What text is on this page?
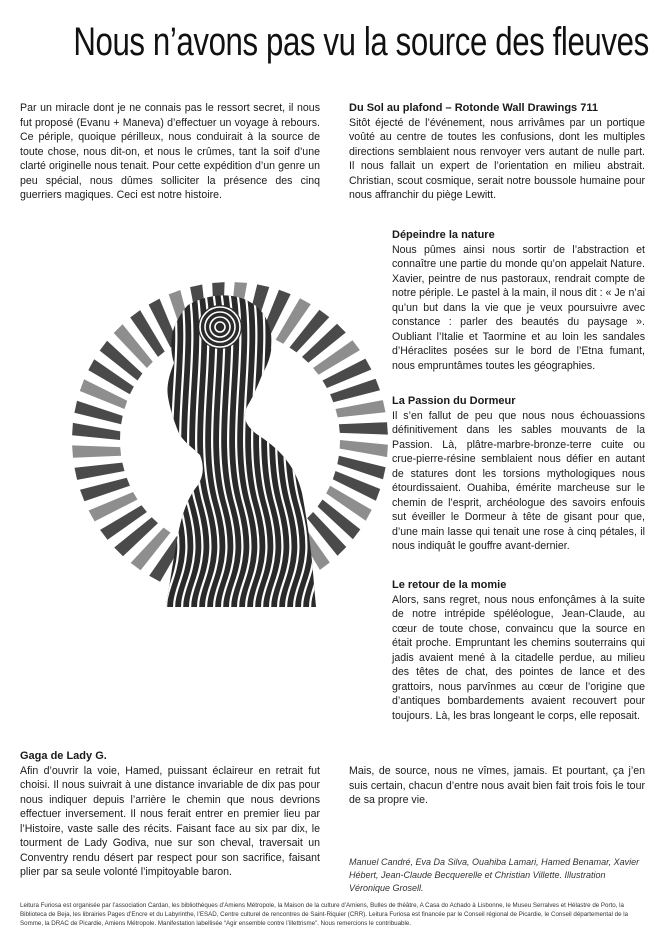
Nous n’avons pas vu la source des fleuves

Par un miracle dont je ne connais pas le ressort secret, il nous fut proposé (Evanu + Maneva) d’effectuer un voyage à rebours. Ce périple, quoique périlleux, nous conduirait à la source de toute chose, nous dit-on, et nous le crûmes, tant la soif d’une clarté originelle nous tenait. Pour cette expédition d’un genre un peu spécial, nous dûmes solliciter la présence des cinq guerriers magiques. Ceci est notre histoire.

Du Sol au plafond – Rotonde Wall Drawings 711

Sitôt éjecté de l’événement, nous arrivâmes par un portique voûté au centre de toutes les confusions, dont les multiples directions semblaient nous renvoyer vers autant de nulle part. Il nous fallait un expert de l’orientation en milieu abstrait. Christian, scout cosmique, serait notre boussole humaine pour nous affranchir du piège Lewitt.

Dépeindre la nature

Nous pûmes ainsi nous sortir de l’abstraction et connaître une partie du monde qu’on appelait Nature. Xavier, peintre de nus pastoraux, rendrait compte de notre périple. Le pastel à la main, il nous dit : « Je n’ai qu’un but dans la vie que je veux poursuivre avec constance : parler des beautés du paysage ». Oubliant l’Italie et Taormine et au loin les sandales d’Héraclites posées sur le bord de l’Etna fumant, nous empruntâmes toutes les géographies.

La Passion du Dormeur

Il s’en fallut de peu que nous nous échouassions définitivement dans les sables mouvants de la Passion. Là, plâtre-marbre-bronze-terre cuite ou crue-pierre-résine semblaient nous défier en autant de statures dont les torsions mythologiques nous étourdissaient. Ouahiba, émérite marcheuse sur le chemin de l’esprit, archéologue des savoirs enfouis sut éveiller le Dormeur à tête de gisant pour que, d’une main lasse qui tenait une rose à cinq pétales, il nous indiquât le gouffre avant-dernier.

Le retour de la momie

Alors, sans regret, nous nous enfonçâmes à la suite de notre intrépide spéléologue, Jean-Claude, au cœur de toute chose, convaincu que la source en était proche. Empruntant les chemins souterrains qui jadis avaient mené à la citadelle perdue, au milieu des têtes de chat, des pointes de lance et des grattoirs, nous parvînmes au cœur de l’origine que d’antiques bombardements avaient recouvert pour toujours. Là, les bras longeant le corps, elle reposait.

Gaga de Lady G.

Afin d’ouvrir la voie, Hamed, puissant éclaireur en retrait fut choisi. Il nous suivrait à une distance invariable de dix pas pour nous indiquer depuis l’arrière le chemin que nous devrions effectuer inversement. Il nous ferait entrer en premier lieu par l’Histoire, vaste salle des récits. Faisant face au six par dix, le tourment de Lady Godiva, nue sur son cheval, traversait un Conventry rendu désert par respect pour son sacrifice, faisant plier par sa seule volonté l’impitoyable baron.

Mais, de source, nous ne vîmes, jamais. Et pourtant, ça j’en suis certain, chacun d’entre nous avait bien fait trois fois le tour de sa propre vie.

Manuel Candré, Eva Da Silva, Ouahiba Lamari, Hamed Benamar, Xavier Hébert, Jean-Claude Becquerelle et Christian Villette. Illustration Véronique Grosell.
Leitura Furiosa est organisée par l’association Cardan, les bibliothèques d’Amiens Métropole, la Maison de la culture d’Amiens, Bulles de théâtre, A Casa do Achado à Lisbonne, le Museu Serralves et Hélastre de Porto, la Biblioteca de Beja, les librairies Pages d’Encre et du Labyrinthe, l’ESAD, Centre culturel de rencontres de Saint-Riquier (CRR). Leitura Furiosa est financée par le Conseil régional de Picardie, le Conseil départemental de la Somme, la DRAC de Picardie, Amiens Métropole. Manifestation labellisée “Agir ensemble contre l’illettrisme”. Nous remercions le contribuable.
